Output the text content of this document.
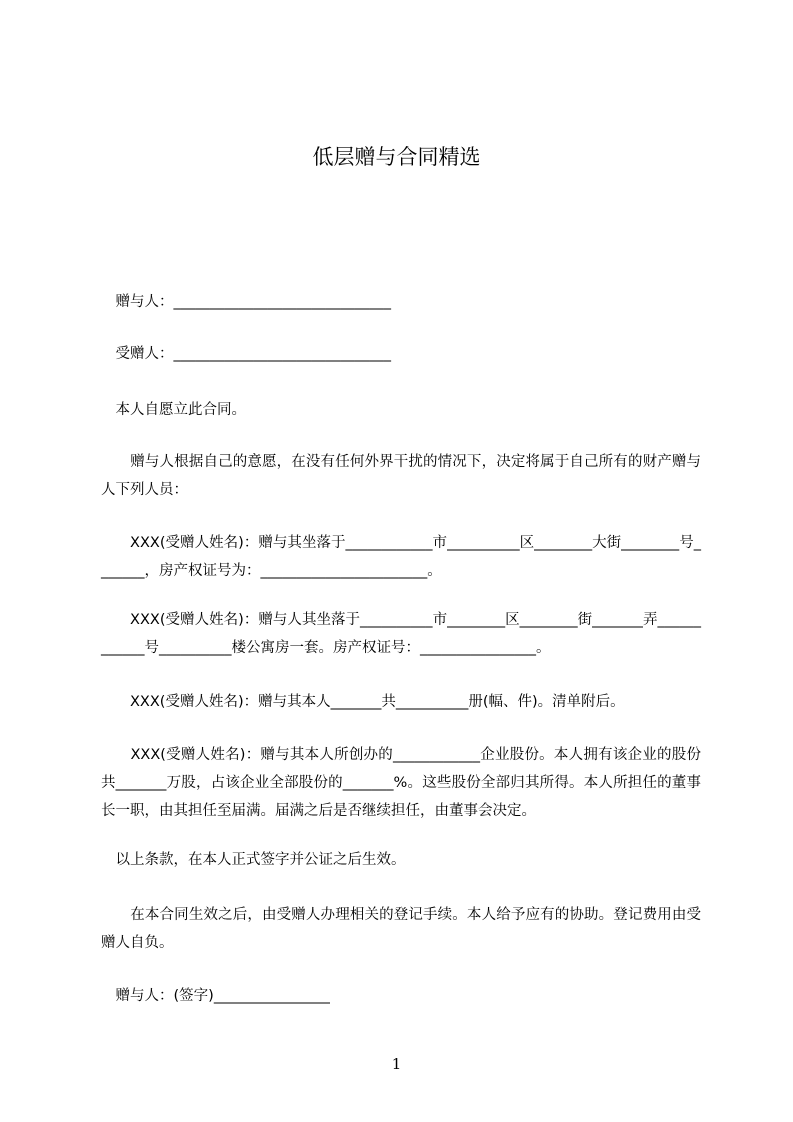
低层赠与合同精选

　赠与人：______________________________

　受赠人：______________________________

　本人自愿立此合同。

　　赠与人根据自己的意愿，在没有任何外界干扰的情况下，决定将属于自己所有的财产赠与人下列人员：

　　XXX(受赠人姓名)：赠与其坐落于____________市__________区________大街________号_______，房产权证号为：_______________________。

　　XXX(受赠人姓名)：赠与人其坐落于__________市________区________街_______弄____________号__________楼公寓房一套。房产权证号：________________。

　　XXX(受赠人姓名)：赠与其本人_______共__________册(幅、件)。清单附后。

　　XXX(受赠人姓名)：赠与其本人所创办的____________企业股份。本人拥有该企业的股份共_______万股，占该企业全部股份的_______%。这些股份全部归其所得。本人所担任的董事长一职，由其担任至届满。届满之后是否继续担任，由董事会决定。

　以上条款，在本人正式签字并公证之后生效。

　　在本合同生效之后，由受赠人办理相关的登记手续。本人给予应有的协助。登记费用由受赠人自负。

　赠与人：(签字)________________

1
